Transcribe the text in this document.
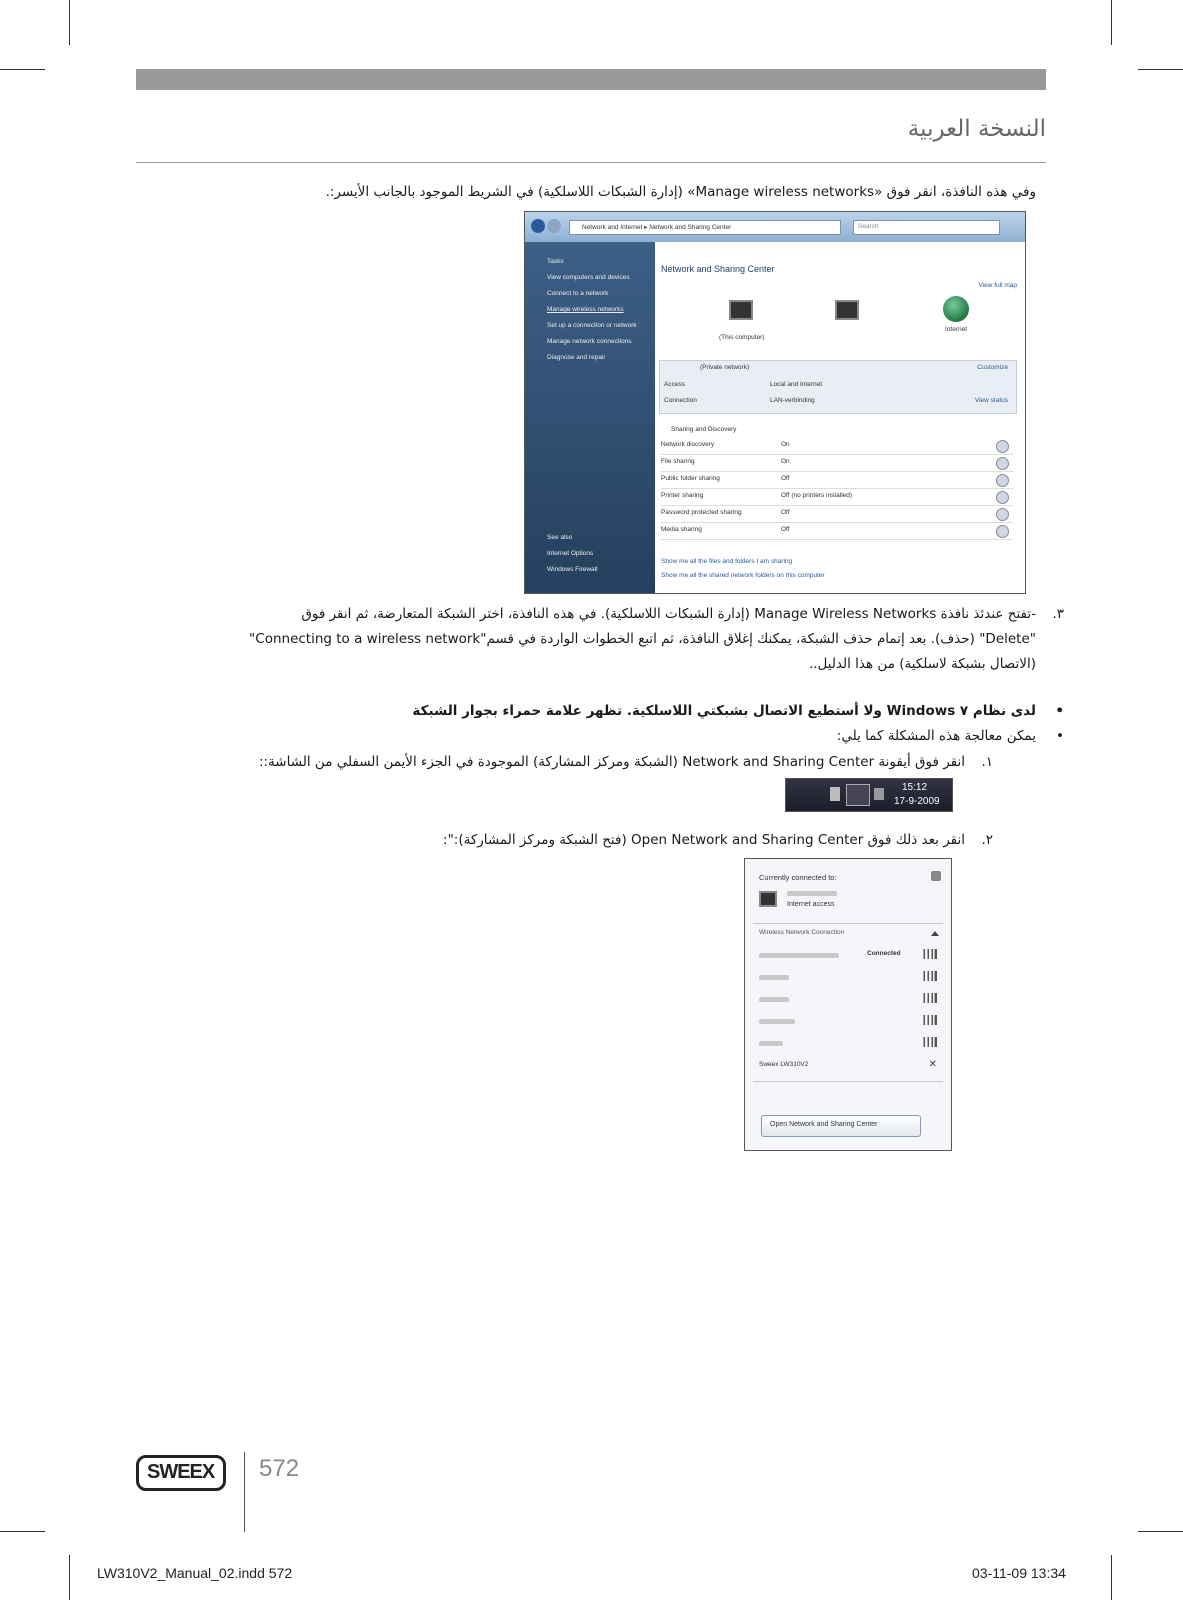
النسخة العربية
وفي هذه النافذة، انقر فوق «Manage wireless networks» (إدارة الشبكات اللاسلكية) في الشريط الموجود بالجانب الأيسر:.
Network and Internet ▸ Network and Sharing Center	Search
Tasks
View computers and devices
Connect to a network
Manage wireless networks
Set up a connection or network
Manage network connections
Diagnose and repair
See also
Internet Options
Windows Firewall
Network and Sharing Center
View full map
(This computer)
Internet
(Private network)	Customize
Access	Local and Internet
Connection	LAN-verbinding	View status
Sharing and Discovery
Network discovery	On
File sharing	On
Public folder sharing	Off
Printer sharing	Off (no printers installed)
Password protected sharing	Off
Media sharing	Off
Show me all the files and folders I am sharing
Show me all the shared network folders on this computer
-تفتح عندئذ نافذة Manage Wireless Networks (إدارة الشبكات اللاسلكية). في هذه النافذة، اختر الشبكة المتعارضة، ثم انقر فوق ٣.
"Delete" (حذف). بعد إتمام حذف الشبكة، يمكنك إغلاق النافذة، ثم اتبع الخطوات الواردة في قسم"Connecting to a wireless network"
(الاتصال بشبكة لاسلكية) من هذا الدليل..
لدى نظام Windows ۷ ولا أستطيع الاتصال بشبكتي اللاسلكية. تظهر علامة حمراء بجوار الشبكة •
يمكن معالجة هذه المشكلة كما يلي: •
انقر فوق أيقونة Network and Sharing Center (الشبكة ومركز المشاركة) الموجودة في الجزء الأيمن السفلي من الشاشة:: ١.
15:12
17-9-2009
انقر بعد ذلك فوق Open Network and Sharing Center (فتح الشبكة ومركز المشاركة):": ٢.
Currently connected to:
Internet access
Wireless Network Connection
Connected
Sweex LW310V2	✕
Open Network and Sharing Center
SWEEX 572
LW310V2_Manual_02.indd 572	03-11-09 13:34
